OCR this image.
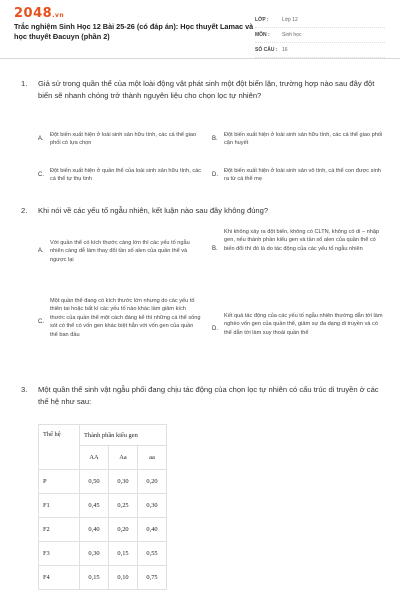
2048.vn
Trắc nghiệm Sinh Học 12 Bài 25-26 (có đáp án): Học thuyết Lamac và học thuyết Đacuyn (phần 2)
LỚP :	Lớp 12
MÔN :	Sinh học
SỐ CÂU : 16
1. Giả sử trong quần thể của một loài động vật phát sinh một đột biến lặn, trường hợp nào sau đây đột biến sẽ nhanh chóng trở thành nguyên liệu cho chọn lọc tự nhiên?
A.
Đột biến xuất hiện ở loài sinh sản hữu tính, các cá thể giao phối có lựa chọn
B.
Đột biến xuất hiện ở loài sinh sản hữu tính, các cá thể giao phối cận huyết
C.
Đột biến xuất hiện ở quần thể của loài sinh sản hữu tính, các cá thể tự thụ tinh
D.
Đột biến xuất hiện ở loài sinh sản vô tính, cá thể con được sinh ra từ cá thể mẹ
2. Khi nói về các yếu tố ngẫu nhiên, kết luận nào sau đây không đúng?
A.
Với quần thể có kích thước càng lớn thì các yếu tố ngẫu nhiên càng dễ làm thay đổi tần số alen của quần thể và ngược lại
B.
Khi không xảy ra đột biến, không có CLTN, không có di – nhập gen, nếu thành phần kiểu gen và tần số alen của quần thể có biến đổi thì đó là do tác động của các yếu tố ngẫu nhiên
C.
Một quần thể đang có kích thước lớn nhưng do các yếu tố thiên tai hoặc bất kì các yếu tố nào khác làm giảm kích thước của quần thể một cách đáng kể thì những cá thể sống sót có thể có vốn gen khác biệt hẳn với vốn gen của quần thể ban đầu
D.
Kết quả tác động của các yếu tố ngẫu nhiên thường dẫn tới làm nghèo vốn gen của quần thể, giảm sự đa dạng di truyền và có thể dẫn tới làm suy thoái quần thể
3. Một quần thể sinh vật ngẫu phối đang chịu tác động của chọn lọc tự nhiên có cấu trúc di truyền ở các thế hệ như sau:
Thế hệ	Thành phần kiểu gen		
	AA	Aa	aa
P	0,50	0,30	0,20
F1	0,45	0,25	0,30
F2	0,40	0,20	0,40
F3	0,30	0,15	0,55
F4	0,15	0,10	0,75
